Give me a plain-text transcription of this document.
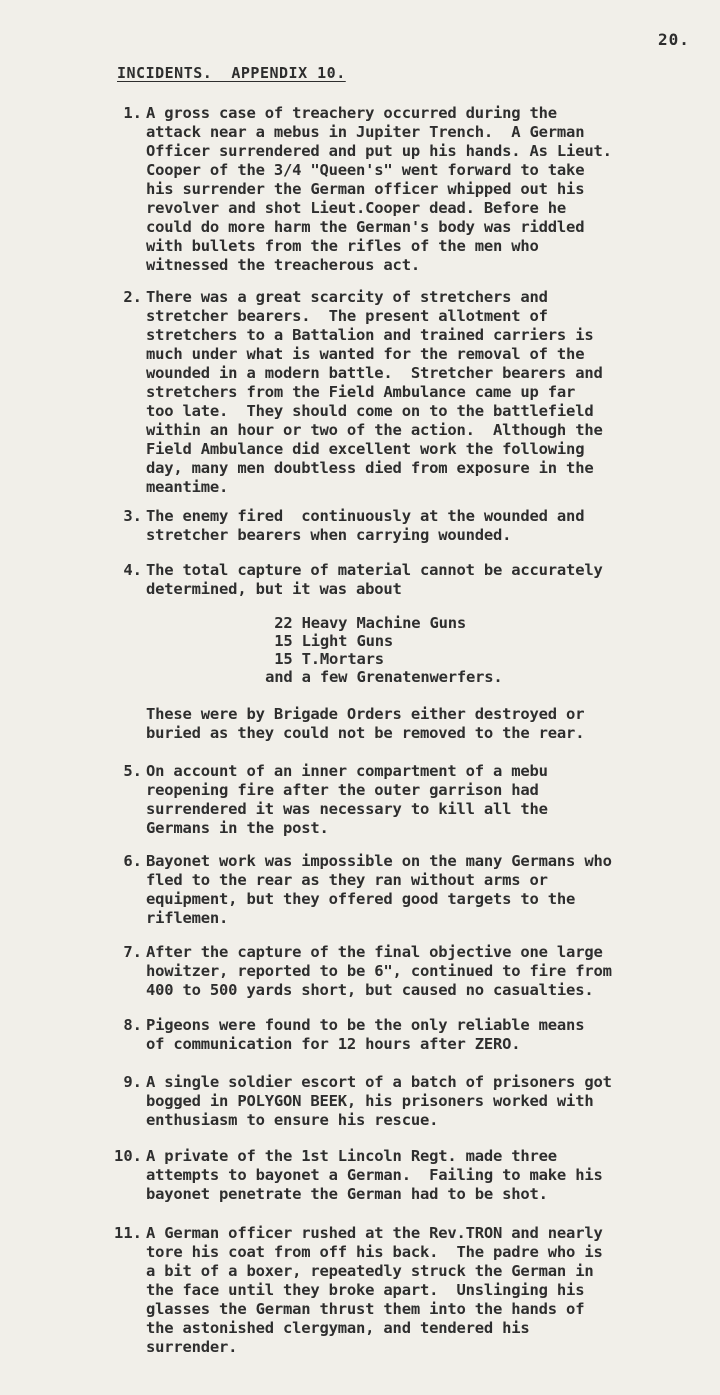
20.
INCIDENTS.  APPENDIX 10.
1. A gross case of treachery occurred during the
attack near a mebus in Jupiter Trench.  A German
Officer surrendered and put up his hands. As Lieut.
Cooper of the 3/4 "Queen's" went forward to take
his surrender the German officer whipped out his
revolver and shot Lieut.Cooper dead. Before he
could do more harm the German's body was riddled
with bullets from the rifles of the men who
witnessed the treacherous act.
2. There was a great scarcity of stretchers and
stretcher bearers.  The present allotment of
stretchers to a Battalion and trained carriers is
much under what is wanted for the removal of the
wounded in a modern battle.  Stretcher bearers and
stretchers from the Field Ambulance came up far
too late.  They should come on to the battlefield
within an hour or two of the action.  Although the
Field Ambulance did excellent work the following
day, many men doubtless died from exposure in the
meantime.
3. The enemy fired  continuously at the wounded and
stretcher bearers when carrying wounded.
4. The total capture of material cannot be accurately
determined, but it was about
22 Heavy Machine Guns
15 Light Guns
15 T.Mortars
and a few Grenatenwerfers.
These were by Brigade Orders either destroyed or
buried as they could not be removed to the rear.
5. On account of an inner compartment of a mebu
reopening fire after the outer garrison had
surrendered it was necessary to kill all the
Germans in the post.
6. Bayonet work was impossible on the many Germans who
fled to the rear as they ran without arms or
equipment, but they offered good targets to the
riflemen.
7. After the capture of the final objective one large
howitzer, reported to be 6", continued to fire from
400 to 500 yards short, but caused no casualties.
8. Pigeons were found to be the only reliable means
of communication for 12 hours after ZERO.
9. A single soldier escort of a batch of prisoners got
bogged in POLYGON BEEK, his prisoners worked with
enthusiasm to ensure his rescue.
10. A private of the 1st Lincoln Regt. made three
attempts to bayonet a German.  Failing to make his
bayonet penetrate the German had to be shot.
11. A German officer rushed at the Rev.TRON and nearly
tore his coat from off his back.  The padre who is
a bit of a boxer, repeatedly struck the German in
the face until they broke apart.  Unslinging his
glasses the German thrust them into the hands of
the astonished clergyman, and tendered his
surrender.
